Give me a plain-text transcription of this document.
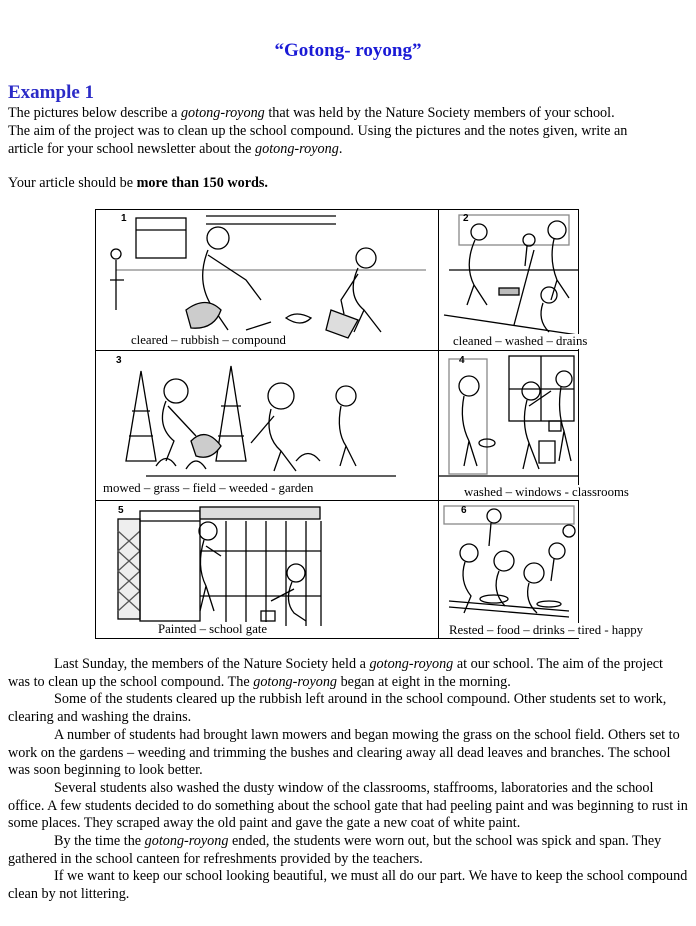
“Gotong- royong”
Example 1

The pictures below describe a gotong-royong that was held by the Nature Society members of your school.

The aim of the project was to clean up the school compound. Using the pictures and the notes given, write an

article for your school newsletter about the gotong-royong.

Your article should be more than 150 words.
1
cleared – rubbish – compound
2
cleaned – washed – drains
3
mowed – grass – field – weeded - garden
4
washed – windows - classrooms
5
Painted – school gate
6
Rested – food – drinks – tired - happy

Last Sunday, the members of the Nature Society held a gotong-royong at our school. The aim of the project was to clean up the school compound. The gotong-royong began at eight in the morning.

Some of the students cleared up the rubbish left around in the school compound. Other students set to work, clearing and washing the drains.

A number of students had brought lawn mowers and began mowing the grass on the school field. Others set to work on the gardens – weeding and trimming the bushes and clearing away all dead leaves and branches. The school was soon beginning to look better.

Several students also washed the dusty window of the classrooms, staffrooms, laboratories and the school office. A few students decided to do something about the school gate that had peeling paint and was beginning to rust in some places. They scraped away the old paint and gave the gate a new coat of white paint.

By the time the gotong-royong ended, the students were worn out, but the school was spick and span. They gathered in the school canteen for refreshments provided by the teachers.

If we want to keep our school looking beautiful, we must all do our part. We have to keep the school compound clean by not littering.
